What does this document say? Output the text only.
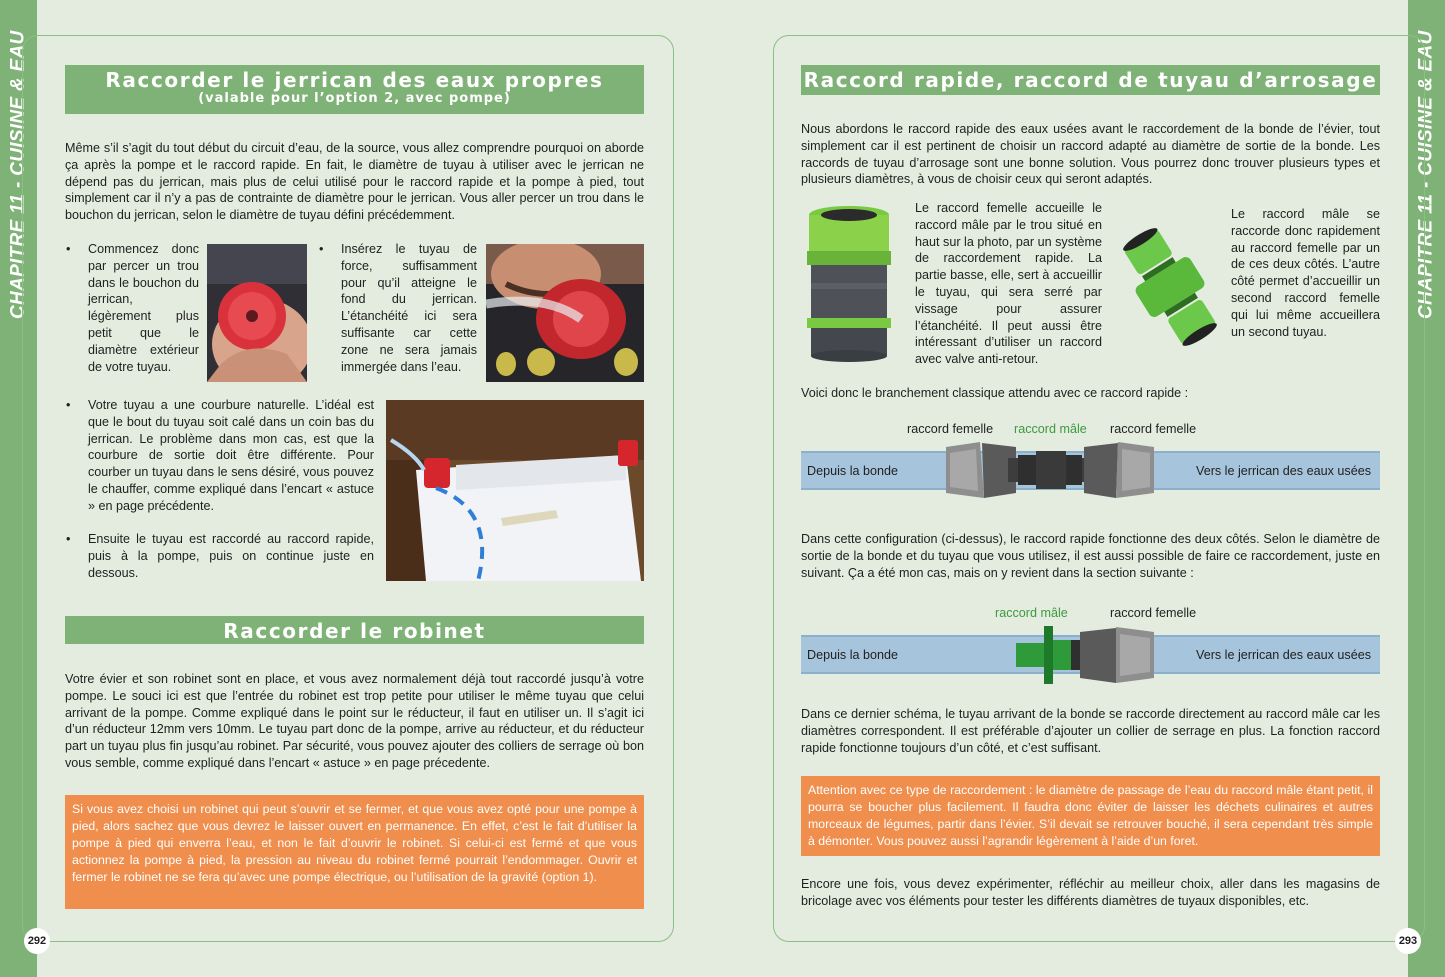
CHAPITRE 11 - CUISINE & EAU	CHAPITRE 11 - CUISINE & EAU
292	293
Raccorder le jerrican des eaux propres
(valable pour l’option 2, avec pompe)

Même s’il s’agit du tout début du circuit d’eau, de la source, vous allez comprendre pourquoi on aborde ça après la pompe et le raccord rapide. En fait, le diamètre de tuyau à utiliser avec le jerrican ne dépend pas du jerrican, mais plus de celui utilisé pour le raccord rapide et la pompe à pied, tout simplement car il n’y a pas de contrainte de diamètre pour le jerrican. Vous aller percer un trou dans le bouchon du jerrican, selon le diamètre de tuyau défini précédemment.

• Commencez donc par percer un trou dans le bouchon du jerrican, légèrement plus petit que le diamètre extérieur de votre tuyau.

• Insérez le tuyau de force, suffisamment pour qu’il atteigne le fond du jerrican. L’étanchéité ici sera suffisante car cette zone ne sera jamais immergée dans l’eau.

• Votre tuyau a une courbure naturelle. L’idéal est que le bout du tuyau soit calé dans un coin bas du jerrican. Le problème dans mon cas, est que la courbure de sortie doit être différente. Pour courber un tuyau dans le sens désiré, vous pouvez le chauffer, comme expliqué dans l’encart « astuce » en page précédente.

• Ensuite le tuyau est raccordé au raccord rapide, puis à la pompe, puis on continue juste en dessous.

Raccorder le robinet

Votre évier et son robinet sont en place, et vous avez normalement déjà tout raccordé jusqu’à votre pompe. Le souci ici est que l’entrée du robinet est trop petite pour utiliser le même tuyau que celui arrivant de la pompe. Comme expliqué dans le point sur le réducteur, il faut en utiliser un. Il s’agit ici d’un réducteur 12mm vers 10mm. Le tuyau part donc de la pompe, arrive au réducteur, et du réducteur part un tuyau plus fin jusqu’au robinet. Par sécurité, vous pouvez ajouter des colliers de serrage où bon vous semble, comme expliqué dans l’encart « astuce » en page précedente.

Si vous avez choisi un robinet qui peut s’ouvrir et se fermer, et que vous avez opté pour une pompe à pied, alors sachez que vous devrez le laisser ouvert en permanence. En effet, c’est le fait d’utiliser la pompe à pied qui enverra l’eau, et non le fait d’ouvrir le robinet. Si celui-ci est fermé et que vous actionnez la pompe à pied, la pression au niveau du robinet fermé pourrait l’endommager. Ouvrir et fermer le robinet ne se fera qu’avec une pompe électrique, ou l’utilisation de la gravité (option 1).
Raccord rapide, raccord de tuyau d’arrosage

Nous abordons le raccord rapide des eaux usées avant le raccordement de la bonde de l’évier, tout simplement car il est pertinent de choisir un raccord adapté au diamètre de sortie de la bonde. Les raccords de tuyau d’arrosage sont une bonne solution. Vous pourrez donc trouver plusieurs types et plusieurs diamètres, à vous de choisir ceux qui seront adaptés.

Le raccord femelle accueille le raccord mâle par le trou situé en haut sur la photo, par un système de raccordement rapide. La partie basse, elle, sert à accueillir le tuyau, qui sera serré par vissage pour assurer l’étanchéité. Il peut aussi être intéressant d’utiliser un raccord avec valve anti-retour.

Le raccord mâle se raccorde donc rapidement au raccord femelle par un de ces deux côtés. L’autre côté permet d’accueillir un second raccord femelle qui lui même accueillera un second tuyau.

Voici donc le branchement classique attendu avec ce raccord rapide :

raccord femelle raccord mâle raccord femelle
Depuis la bonde	Vers le jerrican des eaux usées

Dans cette configuration (ci-dessus), le raccord rapide fonctionne des deux côtés. Selon le diamètre de sortie de la bonde et du tuyau que vous utilisez, il est aussi possible de faire ce raccordement, juste en suivant. Ça a été mon cas, mais on y revient dans la section suivante :

raccord mâle	raccord femelle
Depuis la bonde	Vers le jerrican des eaux usées

Dans ce dernier schéma, le tuyau arrivant de la bonde se raccorde directement au raccord mâle car les diamètres correspondent. Il est préférable d’ajouter un collier de serrage en plus. La fonction raccord rapide fonctionne toujours d’un côté, et c’est suffisant.

Attention avec ce type de raccordement : le diamètre de passage de l’eau du raccord mâle étant petit, il pourra se boucher plus facilement. Il faudra donc éviter de laisser les déchets culinaires et autres morceaux de légumes, partir dans l’évier. S’il devait se retrouver bouché, il sera cependant très simple à démonter. Vous pouvez aussi l’agrandir légèrement à l’aide d’un foret.

Encore une fois, vous devez expérimenter, réfléchir au meilleur choix, aller dans les magasins de bricolage avec vos éléments pour tester les différents diamètres de tuyaux disponibles, etc.
